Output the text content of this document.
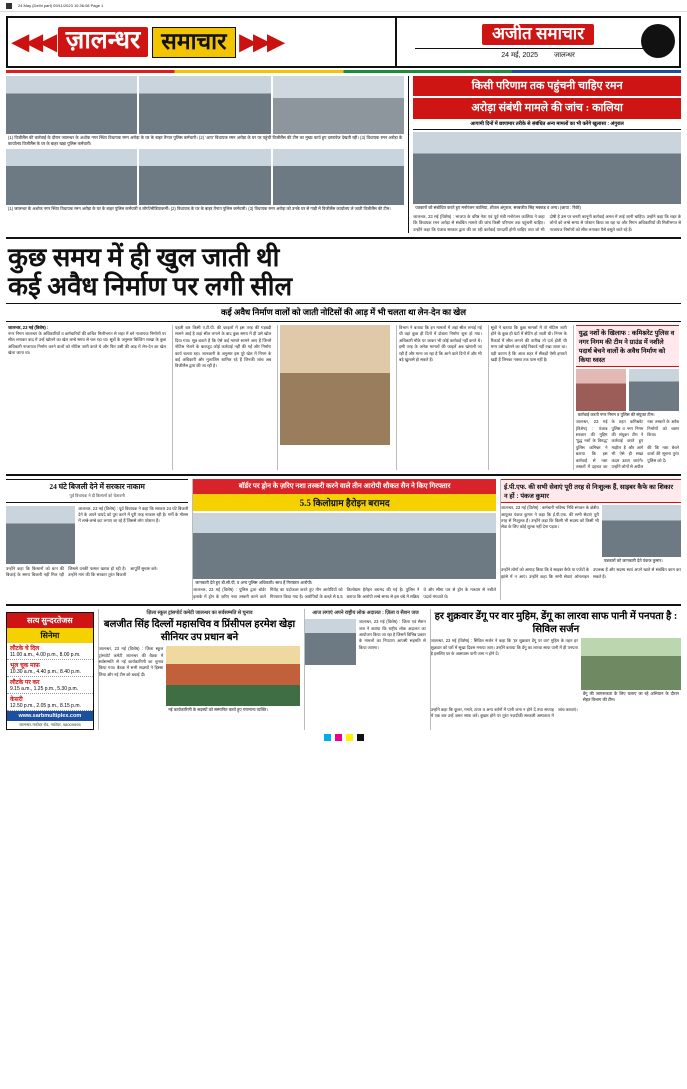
24 May (Delhi part) 09/11/2023 10:36:08 Page 1
◀◀◀ ज़ालन्धर समाचार ▶▶▶	अजीत समाचार
24 मई, 2025 जालन्धर
(1) विजीलैंस की कार्रवाई के दौरान जालन्धर के अशोक नगर स्थित विधायक रमन अरोड़ा के घर के बाहर तैनात पुलिस कर्मचारी। (2) 'आप' विधायक रमन अरोड़ा के घर पर पहुंची विजीलैंस की टीम का मुख्य कार्य हुए दस्तावेज़ देखती रही। (3) विधायक रमन अरोड़ा के कार्यालय विजीलैंस के घर के बाहर खड़ा पुलिस कर्मचारी।
(1) जालन्धर के अशोक नगर स्थित विधायक रमन अरोड़ा के घर के बाहर पुलिस कर्मचारी व लोगों/मीडियाकर्मी। (2) विधायक के घर के बाहर तैनात पुलिस कर्मचारी। (3) विधायक रमन अरोड़ा को उनके घर से गाड़ी में विजीलैंस कार्यालय ले जाती विजीलैंस की टीम।
किसी परिणाम तक पहुंचनी चाहिए रमन
अरोड़ा संबंधी मामले की जांच : कालिया
आगामी दिनों में छापामार तरीके से संबंधित अन्य मामलों का भी करेंगे खुलासा : अंगुराल
पत्रकारों को संबोधित करते हुए मनोरंजन कालिया, शीतल अंगुराल, सरबजीत सिंह मक्कड़ व अन्य। (छाया : रिंकी)
जालन्धर, 23 मई (विशेष) : भाजपा के वरिष्ठ नेता एवं पूर्व मंत्री मनोरंजन कालिया ने कहा कि विधायक रमन अरोड़ा से संबंधित मामले की जांच किसी परिणाम तक पहुंचनी चाहिए। उन्होंने कहा कि पंजाब सरकार द्वारा की जा रही कार्रवाई पारदर्शी होनी चाहिए तथा जो भी दोषी है उस पर बनती कानूनी कार्रवाई अमल में लाई जानी चाहिए। उन्होंने कहा कि शहर के लोगों को लम्बे समय से परेशान किया जा रहा था और निगम अधिकारियों की मिलीभगत से नाजायज निर्माणों को सील लगाकर पैसे वसूले जाते रहे हैं।
कुछ समय में ही खुल जाती थी
कई अवैध निर्माण पर लगी सील
कई अवैध निर्माण वालों को जाती नोटिसों की आड़ में भी चलता था लेन-देन का खेल
जालन्धर, 23 मई (विशेष) :
नगर निगम जालन्धर के अधिकारियों व कर्मचारियों की कथित मिलीभगत से शहर में बने नाजायज निर्माणों पर सील लगाकर बाद में उन्हें खोलने का खेल लम्बे समय से चल रहा था। सूत्रों के अनुसार बिल्डिंग शाखा के कुछ अधिकारी नाजायज निर्माण करने वालों को नोटिस जारी करते थे और फिर उसी की आड़ में लेन-देन का खेल खेला जाता था।
पहली बार किसी ए.टी.पी. की फाइलों में इस तरह की गड़बड़ी सामने आई है जहां सील लगाने के बाद कुछ समय में ही उसे खोल दिया गया। सूत्र बताते हैं कि ऐसे कई मामले सामने आए हैं जिनमें नोटिस भेजने के बावजूद कोई कार्रवाई नहीं की गई और निर्माण कार्य चलता रहा। जानकारी के अनुसार इस पूरे खेल में निगम के कई अधिकारी और मुलाजिम शामिल रहे हैं जिनकी जांच अब विजीलैंस द्वारा की जा रही है।
विभाग ने बताया कि इन मामलों में जहां सील लगाई गई थी वहां कुछ ही दिनों में दोबारा निर्माण शुरू हो गया। अधिकारी मौके पर जाकर भी कोई कार्रवाई नहीं करते थे। इसी तरह के अनेक मामलों की फाइलें अब खंगाली जा रही हैं और माना जा रहा है कि आने वाले दिनों में और भी बड़े खुलासे हो सकते हैं।
सूत्रों ने बताया कि कुछ मामलों में तो नोटिस जारी होने के कुछ ही घंटों में सेटिंग हो जाती थी। निगम के रिकार्ड में सील लगाने की तारीख तो दर्ज होती थी मगर उसे खोलने का कोई रिकार्ड नहीं रखा जाता था। यही कारण है कि आज शहर में सैंकड़ों ऐसी इमारतें खड़ी हैं जिनका नक्शा तक पास नहीं है।
युद्ध नशों के खिलाफ : कमिश्नरेट पुलिस व नगर निगम की टीम ने ग्राउंड में नशीले पदार्थ बेचने वालों के अवैध निर्माण को किया ध्वस्त
कार्रवाई करती नगर निगम व पुलिस की संयुक्त टीम।
जालन्धर, 23 मई (विशेष) : पंजाब सरकार की मुहिम 'युद्ध नशों के विरुद्ध' के तहत कमिश्नरेट पुलिस व नगर निगम की संयुक्त टीम ने कार्रवाई करते हुए नशा तस्करों के अवैध निर्माणों को ध्वस्त किया।
पुलिस कमिश्नर ने बताया कि इस कार्रवाई से नशा तस्करों में दहशत का माहौल है और आगे भी ऐसे ही सख्त कदम उठाए जाएंगे। उन्होंने लोगों से अपील की कि नशा बेचने वालों की सूचना तुरंत पुलिस को दें।
24 घंटे बिजली देने में सरकार नाकाम
पूर्व विधायक ने दी किसानों को चेतावनी
जालन्धर, 23 मई (विशेष) : पूर्व विधायक ने कहा कि सरकार 24 घंटे बिजली देने के अपने वायदे को पूरा करने में पूरी तरह नाकाम रही है। गर्मी के मौसम में लम्बे-लम्बे कट लगाए जा रहे हैं जिससे लोग परेशान हैं।
उन्होंने कहा कि किसानों को धान की बिजाई के समय बिजली नहीं मिल रही जिससे उनकी फसल खराब हो रही है। उन्होंने मांग की कि सरकार तुरंत बिजली आपूर्ति सुचारु करे।
बॉर्डर पर ड्रोन के ज़रिए नशा तस्करी करने वाले तीन आरोपी शौकत सैन ने किए गिरफ्तार
5.5 किलोग्राम हैरोइन बरामद
जानकारी देते हुए डी.सी.पी. व अन्य पुलिस अधिकारी। साथ हैं गिरफ्तार आरोपी।
जालन्धर, 23 मई (विशेष) : पुलिस द्वारा बॉर्डर इलाके में ड्रोन के ज़रिए नशा तस्करी करने वाले गिरोह का पर्दाफाश करते हुए तीन आरोपियों को गिरफ्तार किया गया है। आरोपियों के कब्ज़े से 5.5 किलोग्राम हैरोइन बरामद की गई है। पुलिस ने बताया कि आरोपी लम्बे समय से इस धंधे में सक्रिय थे और सीमा पार से ड्रोन के माध्यम से नशीले पदार्थ मंगवाते थे।
ई.पी.एफ. की सभी सेवाएं पूरी तरह से निःशुल्क हैं, साइबर कैफे का शिकार न हों : पंकज कुमार
जालन्धर, 23 मई (विशेष) : कर्मचारी भविष्य निधि संगठन के क्षेत्रीय आयुक्त पंकज कुमार ने कहा कि ई.पी.एफ. की सभी सेवाएं पूरी तरह से निःशुल्क हैं। उन्होंने कहा कि किसी भी सदस्य को किसी भी सेवा के लिए कोई शुल्क नहीं देना पड़ता।
पत्रकारों को जानकारी देते पंकज कुमार।
उन्होंने लोगों को आगाह किया कि वे साइबर कैफे या एजेंटों के झांसे में न आएं। उन्होंने कहा कि सभी सेवाएं ऑनलाइन उपलब्ध हैं और सदस्य स्वयं अपने खाते से संबंधित काम कर सकते हैं।
सत्य सुन्दरतेजस
सिनेमा
लौटके चे दिल
11.00 a.m., 4.00 p.m., 8.00 p.m.
भूल चूक माफ़
10.30 a.m., 4.40 p.m., 8.40 p.m.
लौटके पर कर
9.15 a.m., 1.25 p.m., 5.30 p.m.
केसरी
12.50 p.m., 2.05 p.m., 8.15 p.m.
www.sarbmultiplex.com
जालन्धर-नकोदर रोड, नकोदर, 98009595
ज़िला स्कूल ट्रांसपोर्ट कमेटी जालन्धर का सर्वसम्मति से चुनाव
बलजीत सिंह दिल्लों महासचिव व प्रिंसीपल हरमेश खेड़ा सीनियर उप प्रधान बने
जालन्धर, 23 मई (विशेष) : ज़िला स्कूल ट्रांसपोर्ट कमेटी जालन्धर की बैठक में सर्वसम्मति से नई कार्यकारिणी का चुनाव किया गया। बैठक में सभी सदस्यों ने हिस्सा लिया और नई टीम को बधाई दी।
नई कार्यकारिणी के सदस्यों को सम्मानित करते हुए गणमान्य व्यक्ति।
आज लगाएं अपने राष्ट्रीय लोक अदालत : ज़िला व सैशन जज
जालन्धर, 23 मई (विशेष) : ज़िला एवं सैशन जज ने बताया कि राष्ट्रीय लोक अदालत का आयोजन किया जा रहा है जिसमें विभिन्न प्रकार के मामलों का निपटारा आपसी सहमति से किया जाएगा।
हर शुक्रवार डेंगू पर वार मुहिम, डेंगू का लारवा साफ पानी में पनपता है : सिविल सर्जन
जालन्धर, 23 मई (विशेष) : सिविल सर्जन ने कहा कि 'हर शुक्रवार डेंगू पर वार' मुहिम के तहत हर शुक्रवार को घरों में सूखा दिवस मनाया जाए। उन्होंने बताया कि डेंगू का लारवा साफ पानी में ही पनपता है इसलिए घर के आसपास पानी जमा न होने दें।
डेंगू की जागरूकता के लिए चलाए जा रहे अभियान के दौरान सेहत विभाग की टीम।
उन्होंने कहा कि कूलर, गमले, टायर व अन्य बर्तनों में पानी जमा न होने दें तथा सप्ताह में एक बार उन्हें ज़रूर साफ करें। बुखार होने पर तुरंत नज़दीकी सरकारी अस्पताल में जांच करवाएं।
